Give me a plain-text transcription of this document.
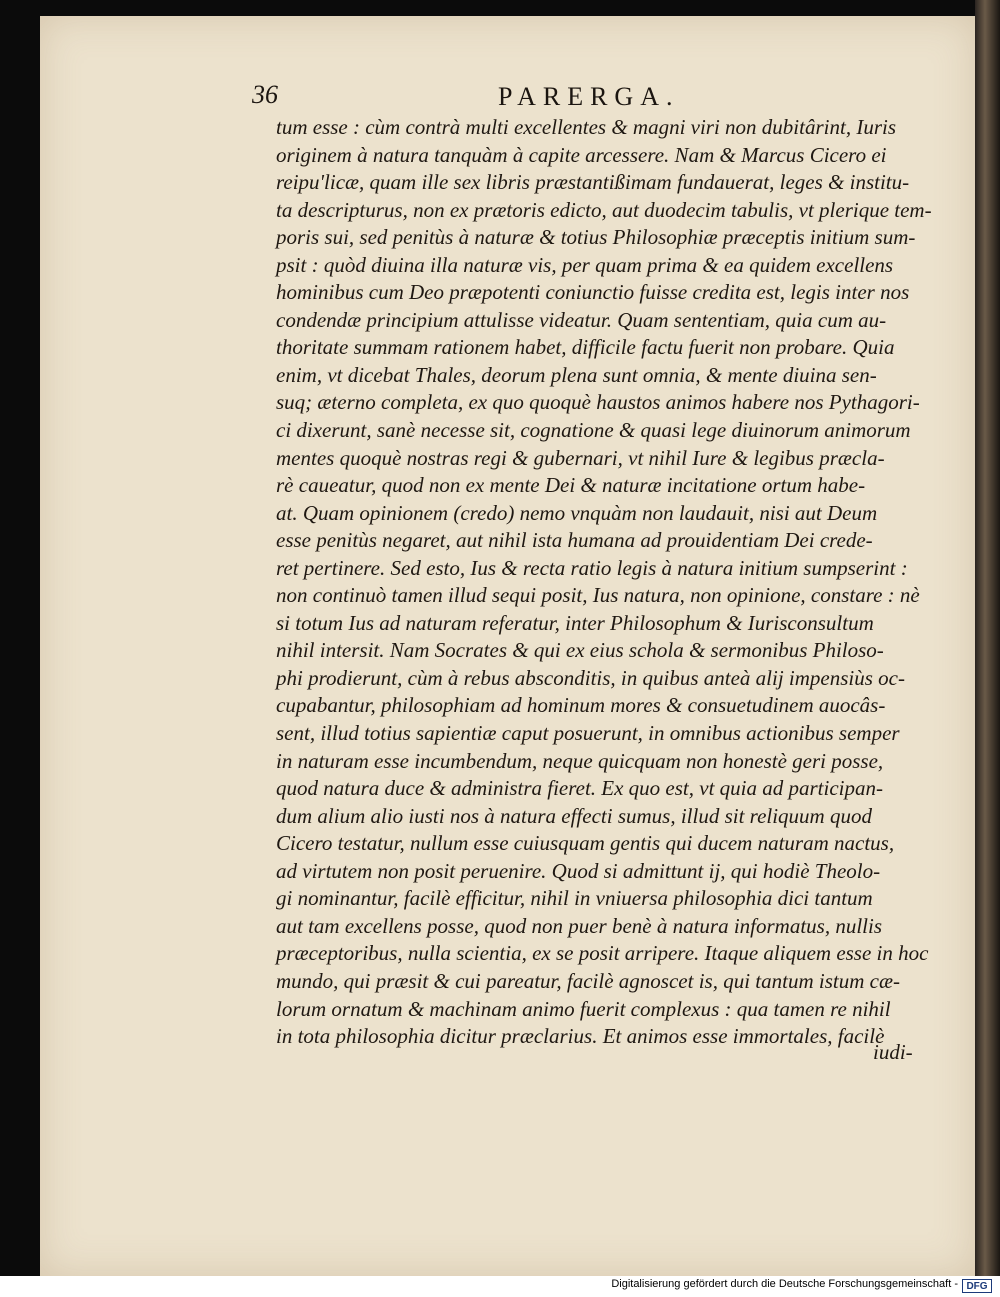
36	PARERGA.
tum esse : cùm contrà multi excellentes & magni viri non dubitârint, Iuris
originem à natura tanquàm à capite arcessere. Nam & Marcus Cicero ei
reipu'licæ, quam ille sex libris præstantißimam fundauerat, leges & institu-
ta descripturus, non ex prætoris edicto, aut duodecim tabulis, vt plerique tem-
poris sui, sed penitùs à naturæ & totius Philosophiæ præceptis initium sum-
psit : quòd diuina illa naturæ vis, per quam prima & ea quidem excellens
hominibus cum Deo præpotenti coniunctio fuisse credita est, legis inter nos
condendæ principium attulisse videatur. Quam sententiam, quia cum au-
thoritate summam rationem habet, difficile factu fuerit non probare. Quia
enim, vt dicebat Thales, deorum plena sunt omnia, & mente diuina sen-
suq; æterno completa, ex quo quoquè haustos animos habere nos Pythagori-
ci dixerunt, sanè necesse sit, cognatione & quasi lege diuinorum animorum
mentes quoquè nostras regi & gubernari, vt nihil Iure & legibus præcla-
rè caueatur, quod non ex mente Dei & naturæ incitatione ortum habe-
at. Quam opinionem (credo) nemo vnquàm non laudauit, nisi aut Deum
esse penitùs negaret, aut nihil ista humana ad prouidentiam Dei crede-
ret pertinere. Sed esto, Ius & recta ratio legis à natura initium sumpserint :
non continuò tamen illud sequi posit, Ius natura, non opinione, constare : nè
si totum Ius ad naturam referatur, inter Philosophum & Iurisconsultum
nihil intersit. Nam Socrates & qui ex eius schola & sermonibus Philoso-
phi prodierunt, cùm à rebus absconditis, in quibus anteà alij impensiùs oc-
cupabantur, philosophiam ad hominum mores & consuetudinem auocâs-
sent, illud totius sapientiæ caput posuerunt, in omnibus actionibus semper
in naturam esse incumbendum, neque quicquam non honestè geri posse,
quod natura duce & administra fieret. Ex quo est, vt quia ad participan-
dum alium alio iusti nos à natura effecti sumus, illud sit reliquum quod
Cicero testatur, nullum esse cuiusquam gentis qui ducem naturam nactus,
ad virtutem non posit peruenire. Quod si admittunt ij, qui hodiè Theolo-
gi nominantur, facilè efficitur, nihil in vniuersa philosophia dici tantum
aut tam excellens posse, quod non puer benè à natura informatus, nullis
præceptoribus, nulla scientia, ex se posit arripere. Itaque aliquem esse in hoc
mundo, qui præsit & cui pareatur, facilè agnoscet is, qui tantum istum cæ-
lorum ornatum & machinam animo fuerit complexus : qua tamen re nihil
in tota philosophia dicitur præclarius. Et animos esse immortales, facilè
iudi-
Digitalisierung gefördert durch die Deutsche Forschungsgemeinschaft - DFG
